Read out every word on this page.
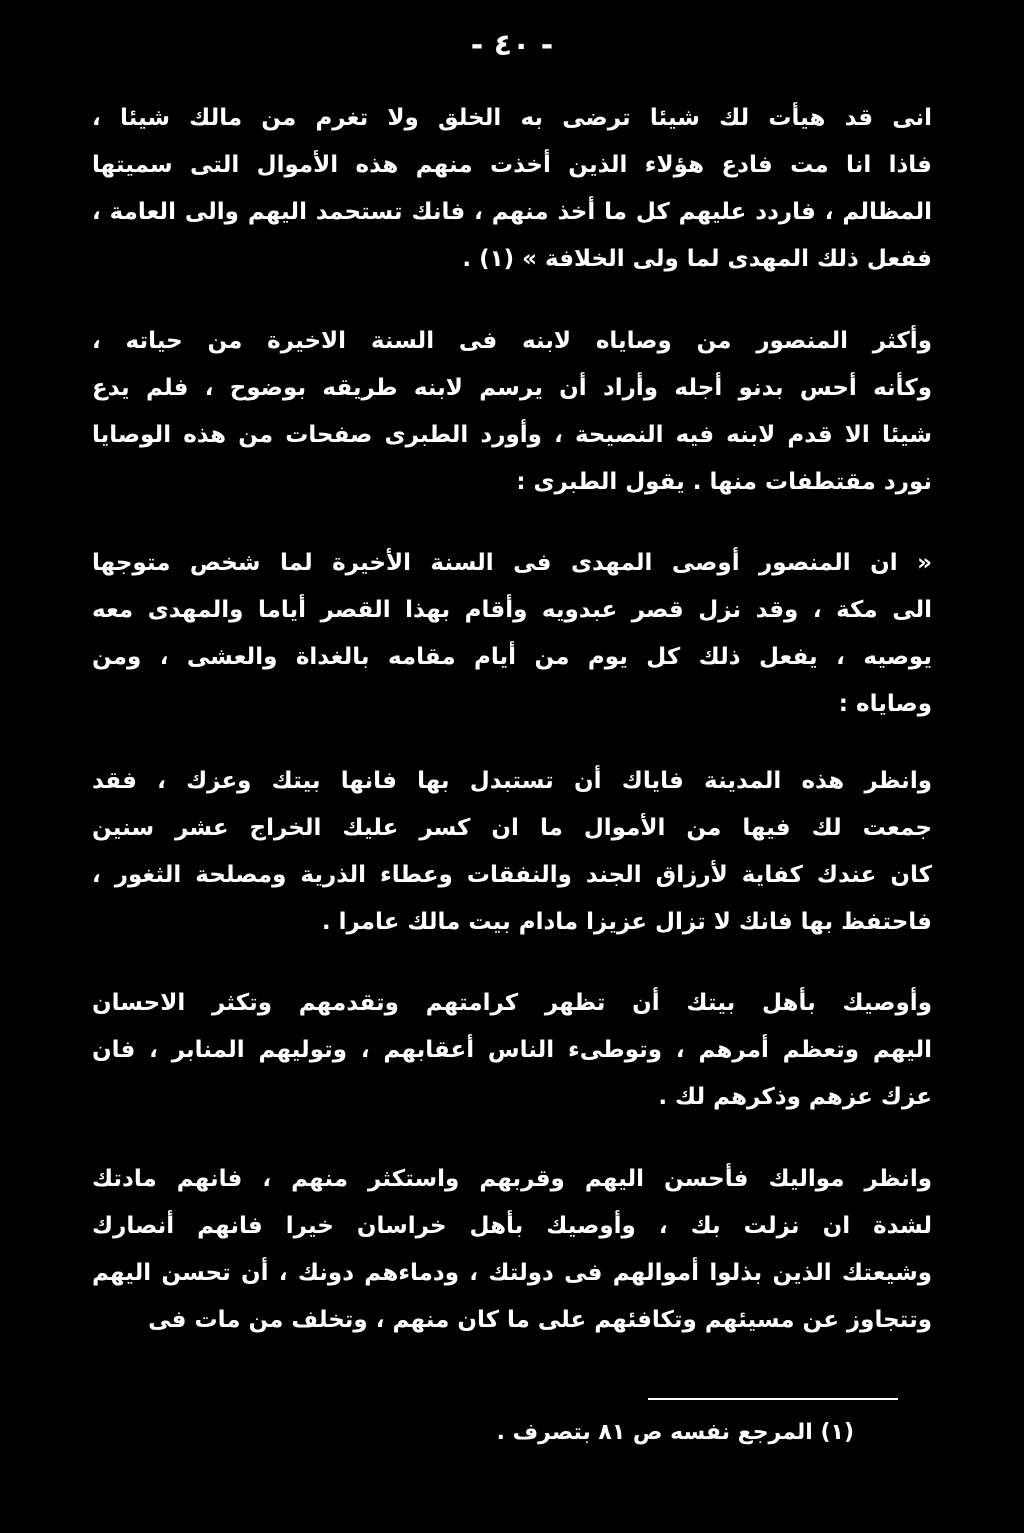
- ٤٠ -
انى قد هيأت لك شيئا ترضى به الخلق ولا تغرم من مالك شيئا ،
فاذا انا مت فادع هؤلاء الذين أخذت منهم هذه الأموال التى سميتها
المظالم ، فاردد عليهم كل ما أخذ منهم ، فانك تستحمد اليهم والى العامة ،
ففعل ذلك المهدى لما ولى الخلافة » (١) .
وأكثر المنصور من وصاياه لابنه فى السنة الاخيرة من حياته ،
وكأنه أحس بدنو أجله وأراد أن يرسم لابنه طريقه بوضوح ، فلم يدع
شيئا الا قدم لابنه فيه النصيحة ، وأورد الطبرى صفحات من هذه الوصايا
نورد مقتطفات منها . يقول الطبرى :
« ان المنصور أوصى المهدى فى السنة الأخيرة لما شخص متوجها
الى مكة ، وقد نزل قصر عبدويه وأقام بهذا القصر أياما والمهدى معه
يوصيه ، يفعل ذلك كل يوم من أيام مقامه بالغداة والعشى ، ومن
وصاياه :
وانظر هذه المدينة فاياك أن تستبدل بها فانها بيتك وعزك ، فقد
جمعت لك فيها من الأموال ما ان كسر عليك الخراج عشر سنين
كان عندك كفاية لأرزاق الجند والنفقات وعطاء الذرية ومصلحة الثغور ،
فاحتفظ بها فانك لا تزال عزيزا مادام بيت مالك عامرا .
وأوصيك بأهل بيتك أن تظهر كرامتهم وتقدمهم وتكثر الاحسان
اليهم وتعظم أمرهم ، وتوطىء الناس أعقابهم ، وتوليهم المنابر ، فان
عزك عزهم وذكرهم لك .
وانظر مواليك فأحسن اليهم وقربهم واستكثر منهم ، فانهم مادتك
لشدة ان نزلت بك ، وأوصيك بأهل خراسان خيرا فانهم أنصارك
وشيعتك الذين بذلوا أموالهم فى دولتك ، ودماءهم دونك ، أن تحسن اليهم
وتتجاوز عن مسيئهم وتكافئهم على ما كان منهم ، وتخلف من مات فى
(١) المرجع نفسه ص ٨١ بتصرف .
